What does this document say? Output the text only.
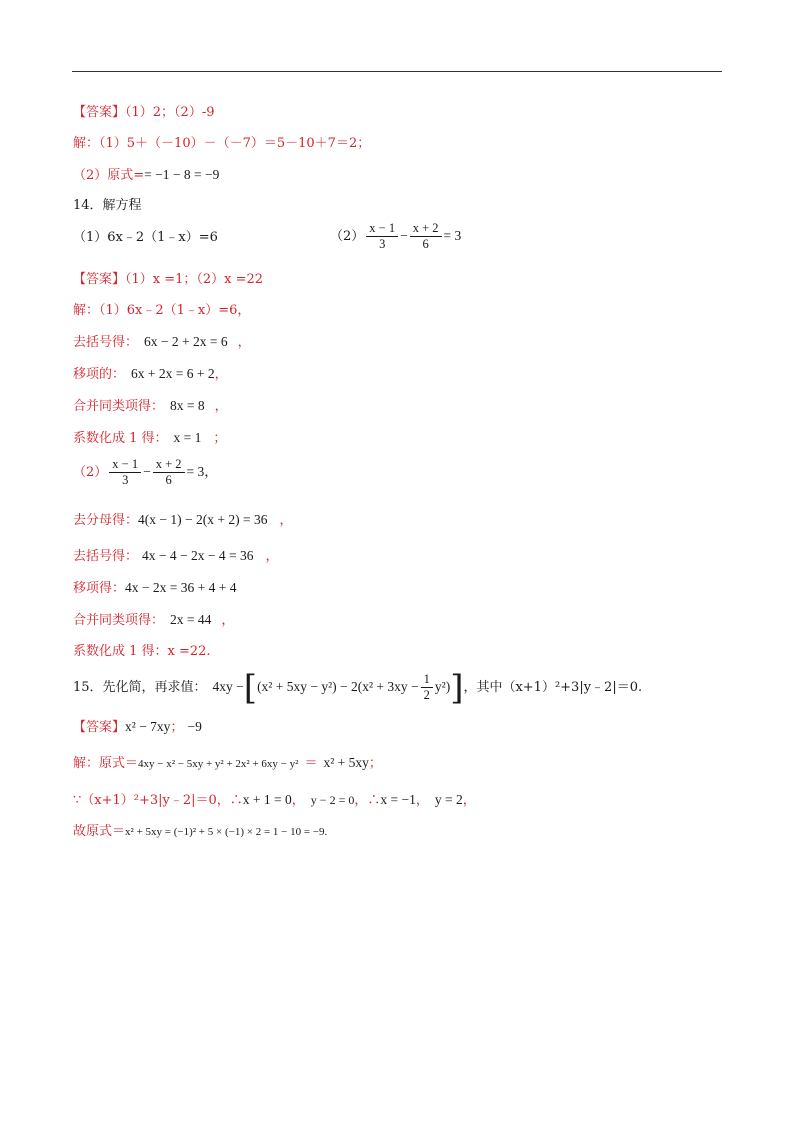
【答案】（1）2；（2）-9
解：（1）5＋（－10）－（－7）＝5－10＋7＝2；
（2）原式== −1 − 8 = −9
14．解方程
（1）6x﹣2（1﹣x）=6	$(2) \frac{x - 1}{3} - \frac{x + 2}{6} = 3$
【答案】（1）x =1；（2）x =22
解：（1）6x﹣2（1﹣x）=6，
去括号得： 6x − 2 + 2x = 6 ，
移项的： 6x + 2x = 6 + 2，
合并同类项得： 8x = 8 ，
系数化成 1 得： x = 1 ；
$(2) \frac{x - 1}{3} - \frac{x + 2}{6} = 3$，
去分母得：4(x − 1) − 2(x + 2) = 36 ，
去括号得： 4x − 4 − 2x − 4 = 36 ，
移项得：4x − 2x = 36 + 4 + 4
合并同类项得： 2x = 44 ，
系数化成 1 得：x =22.
15．先化简，再求值： $4xy -[(x^2 + 5xy - y^2) - 2(x^2 + 3xy - \frac{1}{2} y^2)]$，其中（x+1）²+3|y﹣2|＝0.
【答案】x² − 7xy； −9
解：原式＝4xy − x² − 5xy + y² + 2x² + 6xy − y² ＝ x² + 5xy；
∵（x+1）²+3|y﹣2|＝0，∴x + 1 = 0， y − 2 = 0，∴x = −1， y = 2，
故原式＝x² + 5xy = (−1)² + 5 × (−1) × 2 = 1 − 10 = −9.
